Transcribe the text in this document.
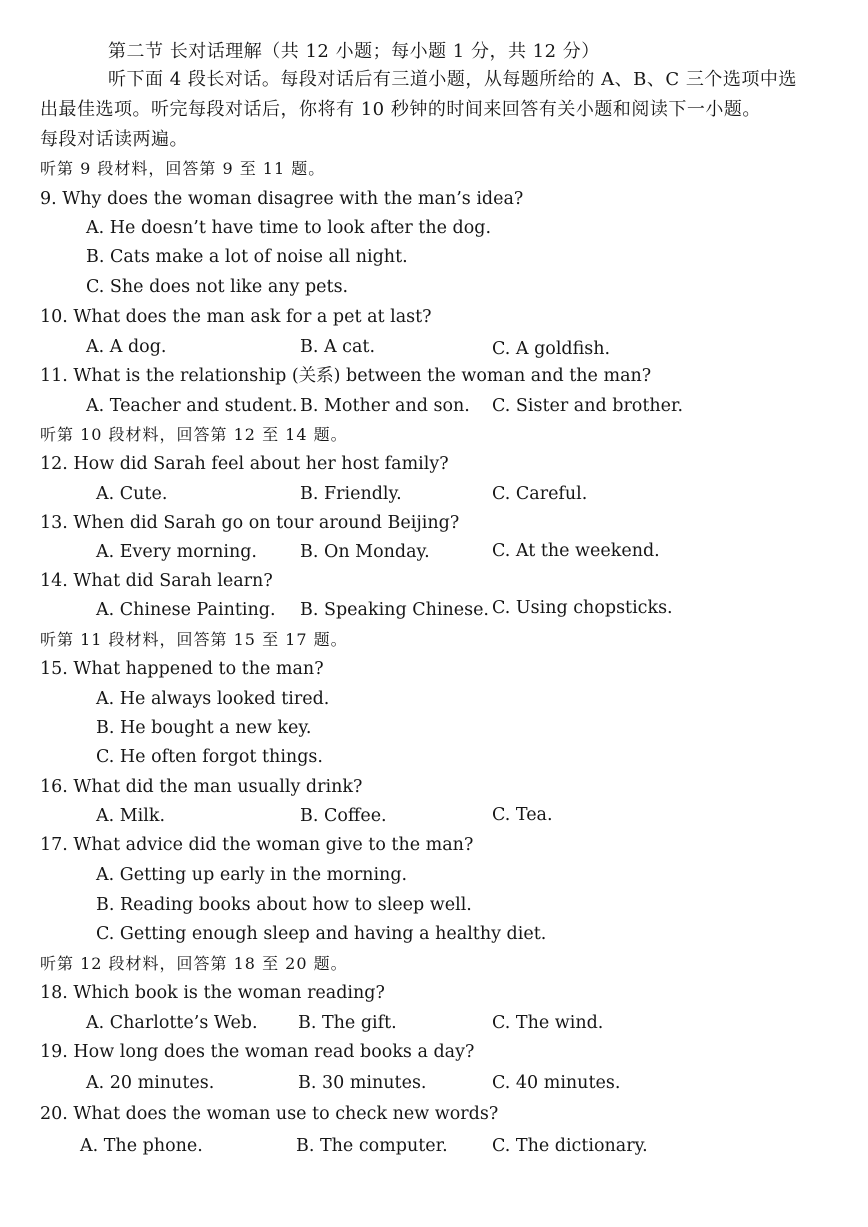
第二节 长对话理解（共 12 小题；每小题 1 分，共 12 分）
听下面 4 段长对话。每段对话后有三道小题，从每题所给的 A、B、C 三个选项中选
出最佳选项。听完每段对话后，你将有 10 秒钟的时间来回答有关小题和阅读下一小题。
每段对话读两遍。
听第 9 段材料，回答第 9 至 11 题。
9. Why does the woman disagree with the man’s idea?
A. He doesn’t have time to look after the dog.
B. Cats make a lot of noise all night.
C. She does not like any pets.
10. What does the man ask for a pet at last?
A. A dog.	B. A cat.	C. A goldfish.
11. What is the relationship (关系) between the woman and the man?
A. Teacher and student. B. Mother and son. C. Sister and brother.
听第 10 段材料，回答第 12 至 14 题。
12. How did Sarah feel about her host family?
A. Cute.	B. Friendly.	C. Careful.
13. When did Sarah go on tour around Beijing?
A. Every morning. B. On Monday.	C. At the weekend.
14. What did Sarah learn?
A. Chinese Painting. B. Speaking Chinese. C. Using chopsticks.
听第 11 段材料，回答第 15 至 17 题。
15. What happened to the man?
A. He always looked tired.
B. He bought a new key.
C. He often forgot things.
16. What did the man usually drink?
A. Milk.	B. Coffee.	C. Tea.
17. What advice did the woman give to the man?
A. Getting up early in the morning.
B. Reading books about how to sleep well.
C. Getting enough sleep and having a healthy diet.
听第 12 段材料，回答第 18 至 20 题。
18. Which book is the woman reading?
A. Charlotte’s Web. B. The gift.	C. The wind.
19. How long does the woman read books a day?
A. 20 minutes.	B. 30 minutes.	C. 40 minutes.
20. What does the woman use to check new words?
A. The phone.	B. The computer.	C. The dictionary.
